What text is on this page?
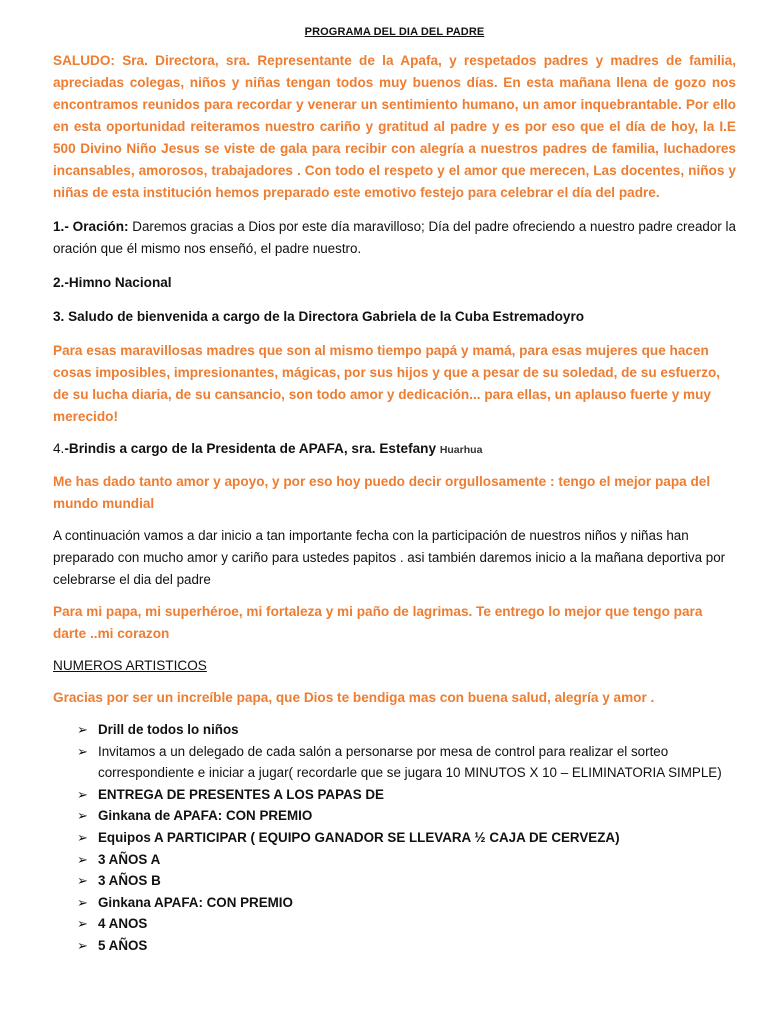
PROGRAMA DEL DIA DEL PADRE

SALUDO: Sra. Directora, sra. Representante de la Apafa, y respetados padres y madres de familia, apreciadas colegas, niños y niñas tengan todos muy buenos días. En esta mañana llena de gozo nos encontramos reunidos para recordar y venerar un sentimiento humano, un amor inquebrantable. Por ello en esta oportunidad reiteramos nuestro cariño y gratitud al padre y es por eso que el día de hoy, la I.E 500 Divino Niño Jesus se viste de gala para recibir con alegría a nuestros padres de familia, luchadores incansables, amorosos, trabajadores . Con todo el respeto y el amor que merecen, Las docentes, niños y niñas de esta institución hemos preparado este emotivo festejo para celebrar el día del padre.

1.- Oración: Daremos gracias a Dios por este día maravilloso; Día del padre ofreciendo a nuestro padre creador la oración que él mismo nos enseñó, el padre nuestro.

2.-Himno Nacional

3. Saludo de bienvenida a cargo de la Directora Gabriela de la Cuba Estremadoyro

Para esas maravillosas madres que son al mismo tiempo papá y mamá, para esas mujeres que hacen cosas imposibles, impresionantes, mágicas, por sus hijos y que a pesar de su soledad, de su esfuerzo, de su lucha diaria, de su cansancio, son todo amor y dedicación... para ellas, un aplauso fuerte y muy merecido!

4.-Brindis a cargo de la Presidenta de APAFA, sra. Estefany Huarhua

Me has dado tanto amor y apoyo, y por eso hoy puedo decir orgullosamente : tengo el mejor papa del mundo mundial

A continuación vamos a dar inicio a tan importante fecha con la participación de nuestros niños y niñas han preparado con mucho amor y cariño para ustedes papitos . asi también daremos inicio a la mañana deportiva por celebrarse el dia del padre

Para mi papa, mi superhéroe, mi fortaleza y mi paño de lagrimas. Te entrego lo mejor que tengo para darte ..mi corazon

NUMEROS ARTISTICOS

Gracias por ser un increíble papa, que Dios te bendiga mas con buena salud, alegría y amor .

➢ Drill de todos lo niños
➢ Invitamos a un delegado de cada salón a personarse por mesa de control para realizar el sorteo correspondiente e iniciar a jugar( recordarle que se jugara 10 MINUTOS X 10 – ELIMINATORIA SIMPLE)
➢ ENTREGA DE PRESENTES A LOS PAPAS DE
➢ Ginkana de APAFA: CON PREMIO
➢ Equipos A PARTICIPAR ( EQUIPO GANADOR SE LLEVARA ½ CAJA DE CERVEZA)
➢ 3 AÑOS A
➢ 3 AÑOS B
➢ Ginkana APAFA: CON PREMIO
➢ 4 ANOS
➢ 5 AÑOS
